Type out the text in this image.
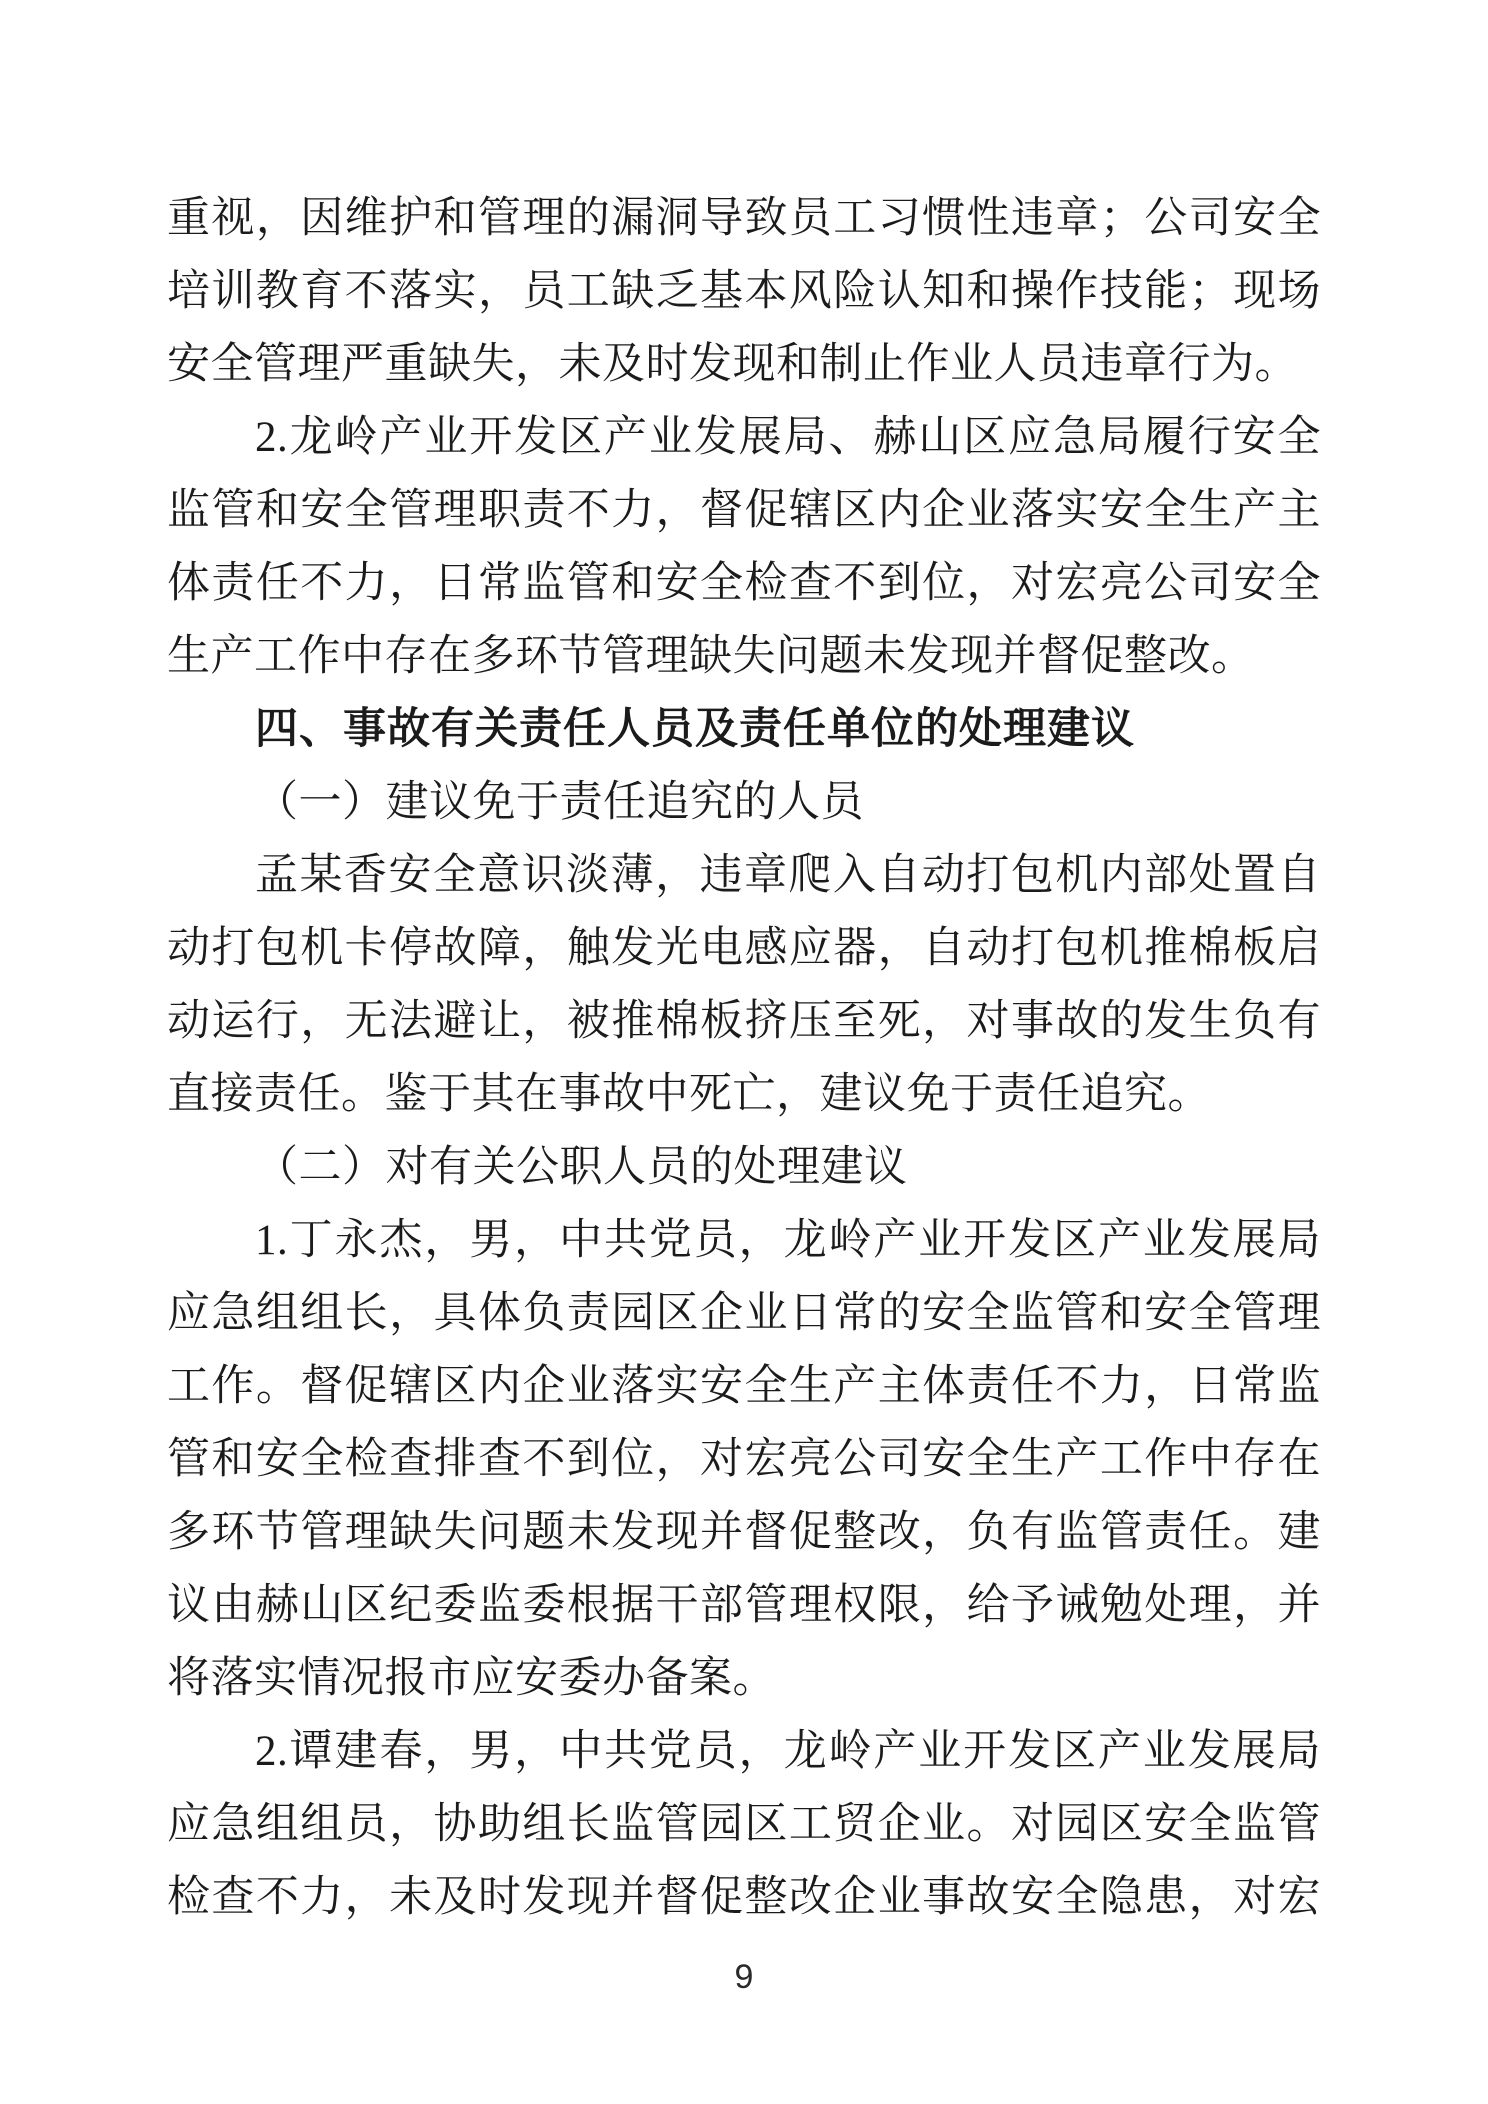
重视，因维护和管理的漏洞导致员工习惯性违章；公司安全
培训教育不落实，员工缺乏基本风险认知和操作技能；现场
安全管理严重缺失，未及时发现和制止作业人员违章行为。
2.龙岭产业开发区产业发展局、赫山区应急局履行安全
监管和安全管理职责不力，督促辖区内企业落实安全生产主
体责任不力，日常监管和安全检查不到位，对宏亮公司安全
生产工作中存在多环节管理缺失问题未发现并督促整改。
四、事故有关责任人员及责任单位的处理建议
（一）建议免于责任追究的人员
孟某香安全意识淡薄，违章爬入自动打包机内部处置自
动打包机卡停故障，触发光电感应器，自动打包机推棉板启
动运行，无法避让，被推棉板挤压至死，对事故的发生负有
直接责任。鉴于其在事故中死亡，建议免于责任追究。
（二）对有关公职人员的处理建议
1.丁永杰，男，中共党员，龙岭产业开发区产业发展局
应急组组长，具体负责园区企业日常的安全监管和安全管理
工作。督促辖区内企业落实安全生产主体责任不力，日常监
管和安全检查排查不到位，对宏亮公司安全生产工作中存在
多环节管理缺失问题未发现并督促整改，负有监管责任。建
议由赫山区纪委监委根据干部管理权限，给予诫勉处理，并
将落实情况报市应安委办备案。
2.谭建春，男，中共党员，龙岭产业开发区产业发展局
应急组组员，协助组长监管园区工贸企业。对园区安全监管
检查不力，未及时发现并督促整改企业事故安全隐患，对宏
9
